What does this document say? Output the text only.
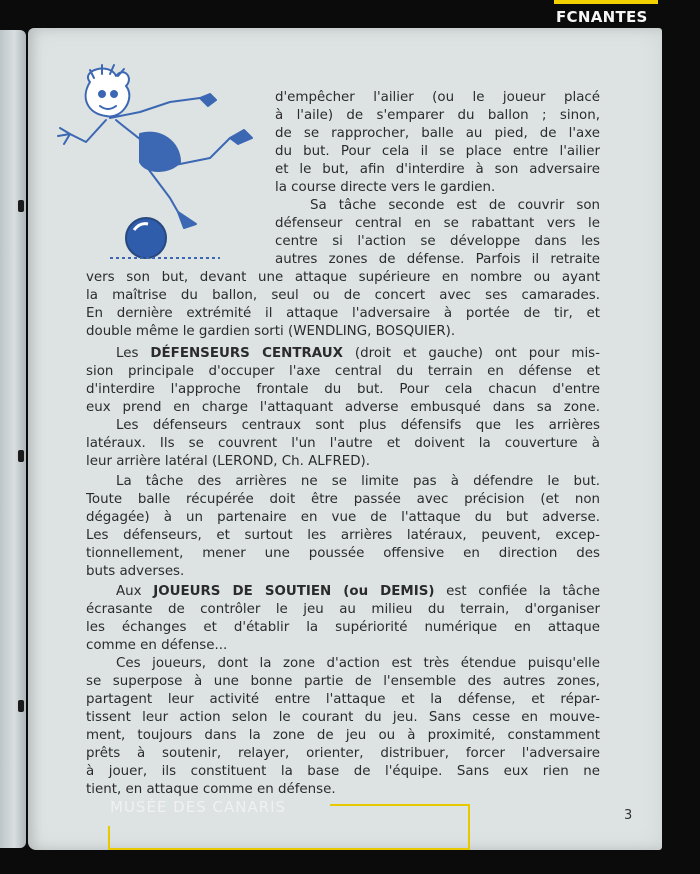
FCNANTES
d'empêcher l'ailier (ou le joueur placé
à l'aile) de s'emparer du ballon ; sinon,
de se rapprocher, balle au pied, de l'axe
du but. Pour cela il se place entre l'ailier
et le but, afin d'interdire à son adversaire
la course directe vers le gardien.
Sa tâche seconde est de couvrir son
défenseur central en se rabattant vers le
centre si l'action se développe dans les
autres zones de défense. Parfois il retraite
vers son but, devant une attaque supérieure en nombre ou ayant
la maîtrise du ballon, seul ou de concert avec ses camarades.
En dernière extrémité il attaque l'adversaire à portée de tir, et
double même le gardien sorti (WENDLING, BOSQUIER).
Les DÉFENSEURS CENTRAUX (droit et gauche) ont pour mis-
sion principale d'occuper l'axe central du terrain en défense et
d'interdire l'approche frontale du but. Pour cela chacun d'entre
eux prend en charge l'attaquant adverse embusqué dans sa zone.
Les défenseurs centraux sont plus défensifs que les arrières
latéraux. Ils se couvrent l'un l'autre et doivent la couverture à
leur arrière latéral (LEROND, Ch. ALFRED).
La tâche des arrières ne se limite pas à défendre le but.
Toute balle récupérée doit être passée avec précision (et non
dégagée) à un partenaire en vue de l'attaque du but adverse.
Les défenseurs, et surtout les arrières latéraux, peuvent, excep-
tionnellement, mener une poussée offensive en direction des
buts adverses.
Aux JOUEURS DE SOUTIEN (ou DEMIS) est confiée la tâche
écrasante de contrôler le jeu au milieu du terrain, d'organiser
les échanges et d'établir la supériorité numérique en attaque
comme en défense...
Ces joueurs, dont la zone d'action est très étendue puisqu'elle
se superpose à une bonne partie de l'ensemble des autres zones,
partagent leur activité entre l'attaque et la défense, et répar-
tissent leur action selon le courant du jeu. Sans cesse en mouve-
ment, toujours dans la zone de jeu ou à proximité, constamment
prêts à soutenir, relayer, orienter, distribuer, forcer l'adversaire
à jouer, ils constituent la base de l'équipe. Sans eux rien ne
tient, en attaque comme en défense.
3
MUSÉE DES CANARIS
